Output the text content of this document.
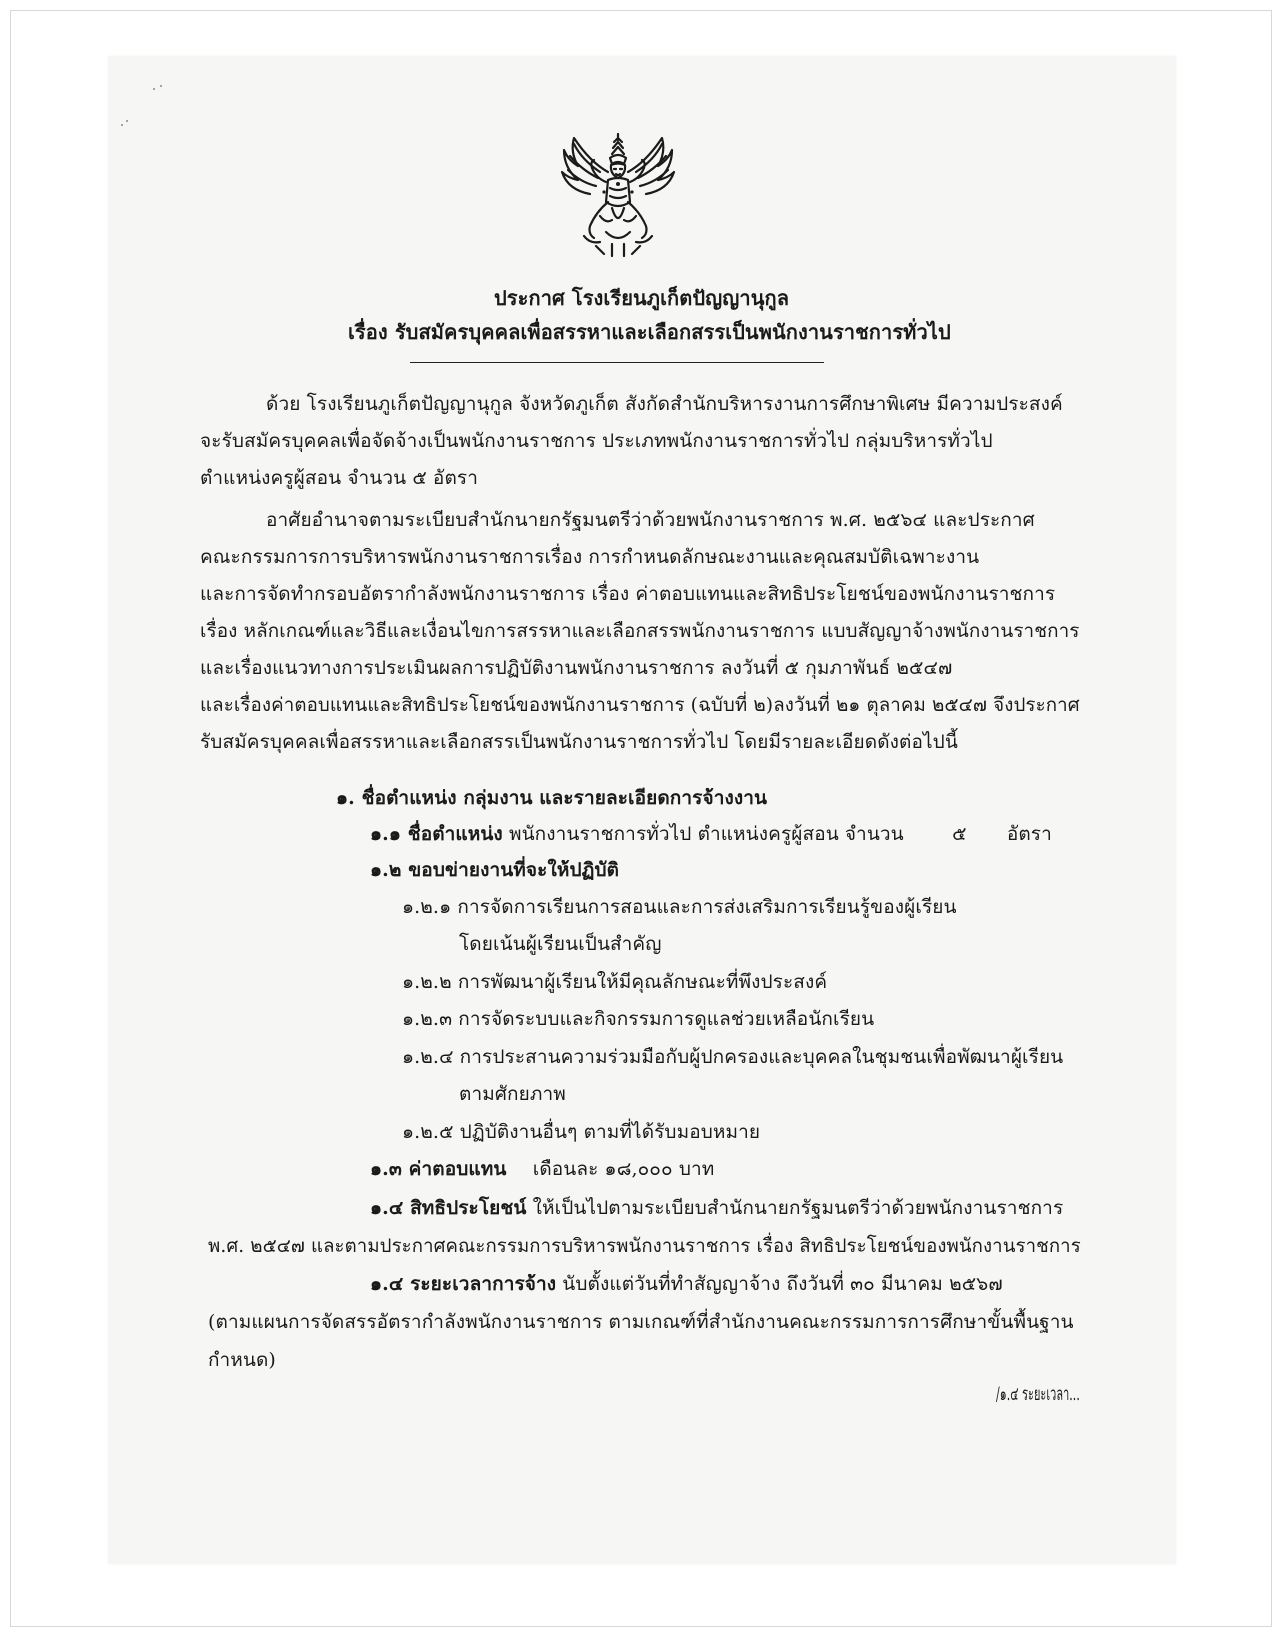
ประกาศ โรงเรียนภูเก็ตปัญญานุกูล
เรื่อง รับสมัครบุคคลเพื่อสรรหาและเลือกสรรเป็นพนักงานราชการทั่วไป
ด้วย โรงเรียนภูเก็ตปัญญานุกูล จังหวัดภูเก็ต สังกัดสำนักบริหารงานการศึกษาพิเศษ มีความประสงค์
จะรับสมัครบุคคลเพื่อจัดจ้างเป็นพนักงานราชการ ประเภทพนักงานราชการทั่วไป กลุ่มบริหารทั่วไป
ตำแหน่งครูผู้สอน จำนวน ๕ อัตรา
อาศัยอำนาจตามระเบียบสำนักนายกรัฐมนตรีว่าด้วยพนักงานราชการ พ.ศ. ๒๕๖๔ และประกาศ
คณะกรรมการการบริหารพนักงานราชการเรื่อง การกำหนดลักษณะงานและคุณสมบัติเฉพาะงาน
และการจัดทำกรอบอัตรากำลังพนักงานราชการ เรื่อง ค่าตอบแทนและสิทธิประโยชน์ของพนักงานราชการ
เรื่อง หลักเกณฑ์และวิธีและเงื่อนไขการสรรหาและเลือกสรรพนักงานราชการ แบบสัญญาจ้างพนักงานราชการ
และเรื่องแนวทางการประเมินผลการปฏิบัติงานพนักงานราชการ ลงวันที่ ๕ กุมภาพันธ์ ๒๕๔๗
และเรื่องค่าตอบแทนและสิทธิประโยชน์ของพนักงานราชการ (ฉบับที่ ๒)ลงวันที่ ๒๑ ตุลาคม ๒๕๔๗ จึงประกาศ
รับสมัครบุคคลเพื่อสรรหาและเลือกสรรเป็นพนักงานราชการทั่วไป โดยมีรายละเอียดดังต่อไปนี้
๑. ชื่อตำแหน่ง กลุ่มงาน และรายละเอียดการจ้างงาน
๑.๑ ชื่อตำแหน่ง พนักงานราชการทั่วไป ตำแหน่งครูผู้สอน จำนวน	๕ อัตรา
๑.๒ ขอบข่ายงานที่จะให้ปฏิบัติ
๑.๒.๑ การจัดการเรียนการสอนและการส่งเสริมการเรียนรู้ของผู้เรียน
โดยเน้นผู้เรียนเป็นสำคัญ
๑.๒.๒ การพัฒนาผู้เรียนให้มีคุณลักษณะที่พึงประสงค์
๑.๒.๓ การจัดระบบและกิจกรรมการดูแลช่วยเหลือนักเรียน
๑.๒.๔ การประสานความร่วมมือกับผู้ปกครองและบุคคลในชุมชนเพื่อพัฒนาผู้เรียน
ตามศักยภาพ
๑.๒.๕ ปฏิบัติงานอื่นๆ ตามที่ได้รับมอบหมาย
๑.๓ ค่าตอบแทน เดือนละ ๑๘,๐๐๐ บาท
๑.๔ สิทธิประโยชน์ ให้เป็นไปตามระเบียบสำนักนายกรัฐมนตรีว่าด้วยพนักงานราชการ
พ.ศ. ๒๕๔๗ และตามประกาศคณะกรรมการบริหารพนักงานราชการ เรื่อง สิทธิประโยชน์ของพนักงานราชการ
๑.๔ ระยะเวลาการจ้าง นับตั้งแต่วันที่ทำสัญญาจ้าง ถึงวันที่ ๓๐ มีนาคม ๒๕๖๗
(ตามแผนการจัดสรรอัตรากำลังพนักงานราชการ ตามเกณฑ์ที่สำนักงานคณะกรรมการการศึกษาขั้นพื้นฐาน
กำหนด)
/๑.๔ ระยะเวลา...
